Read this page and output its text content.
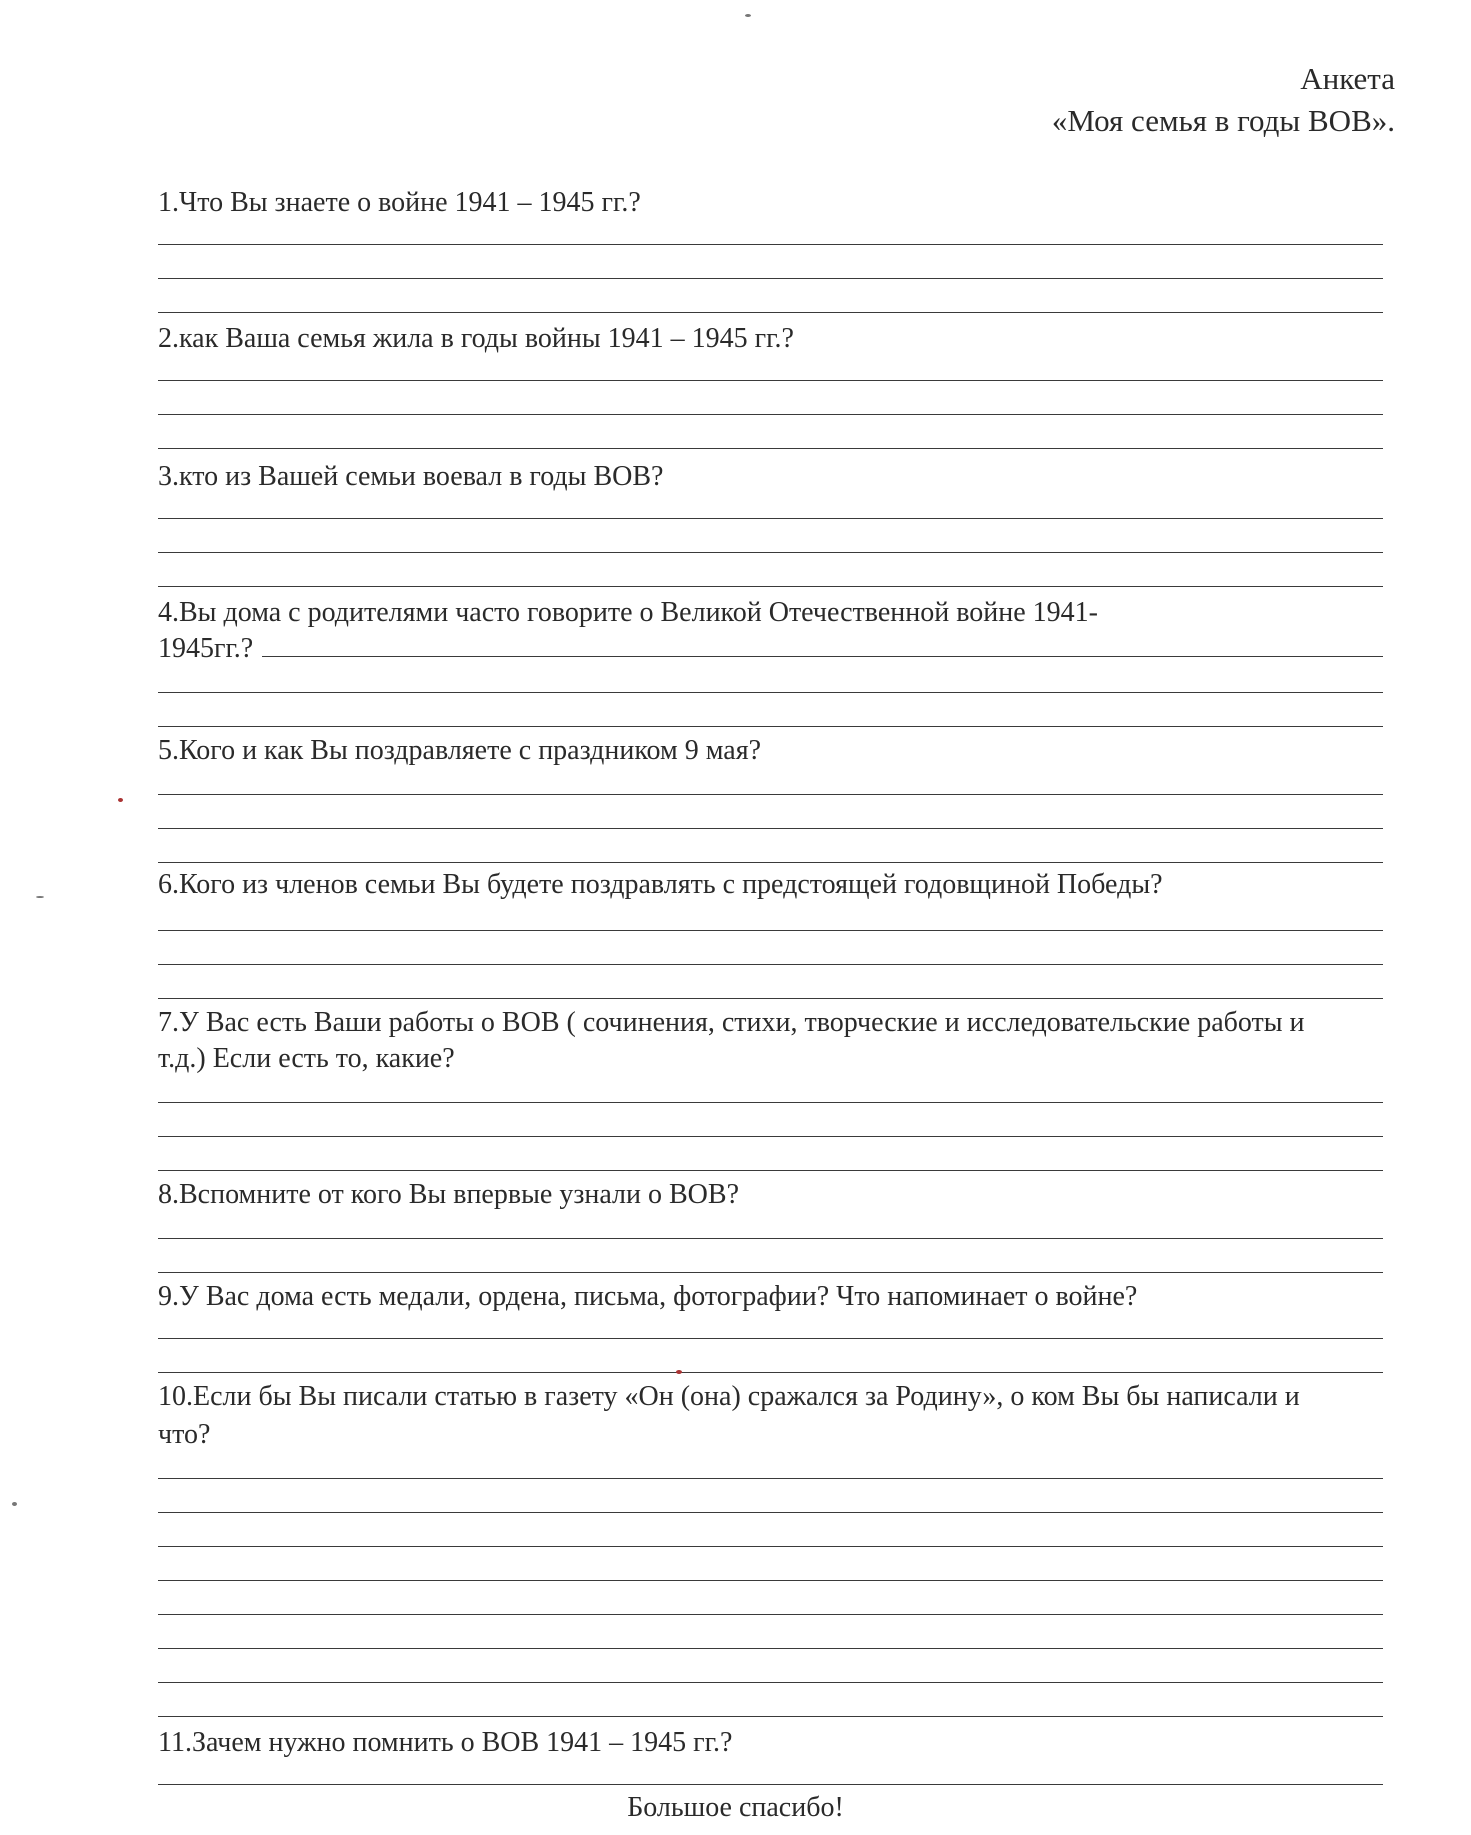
Анкета
«Моя семья в годы ВОВ».
1.Что Вы знаете о войне 1941 – 1945 гг.?
2.как Ваша семья жила в годы войны 1941 – 1945 гг.?
3.кто из Вашей семьи воевал в годы ВОВ?
4.Вы дома с родителями часто говорите о Великой Отечественной войне 1941-
1945гг.?
5.Кого и как Вы поздравляете с праздником 9 мая?
6.Кого из членов семьи Вы будете поздравлять с предстоящей годовщиной Победы?
7.У Вас есть Ваши работы о ВОВ ( сочинения, стихи, творческие и исследовательские работы и
т.д.) Если есть то, какие?
8.Вспомните от кого Вы впервые узнали о ВОВ?
9.У Вас дома есть медали, ордена, письма, фотографии? Что напоминает о войне?
10.Если бы Вы писали статью в газету «Он (она) сражался за Родину», о ком Вы бы написали и
что?
11.Зачем нужно помнить о ВОВ 1941 – 1945 гг.?
Большое спасибо!
